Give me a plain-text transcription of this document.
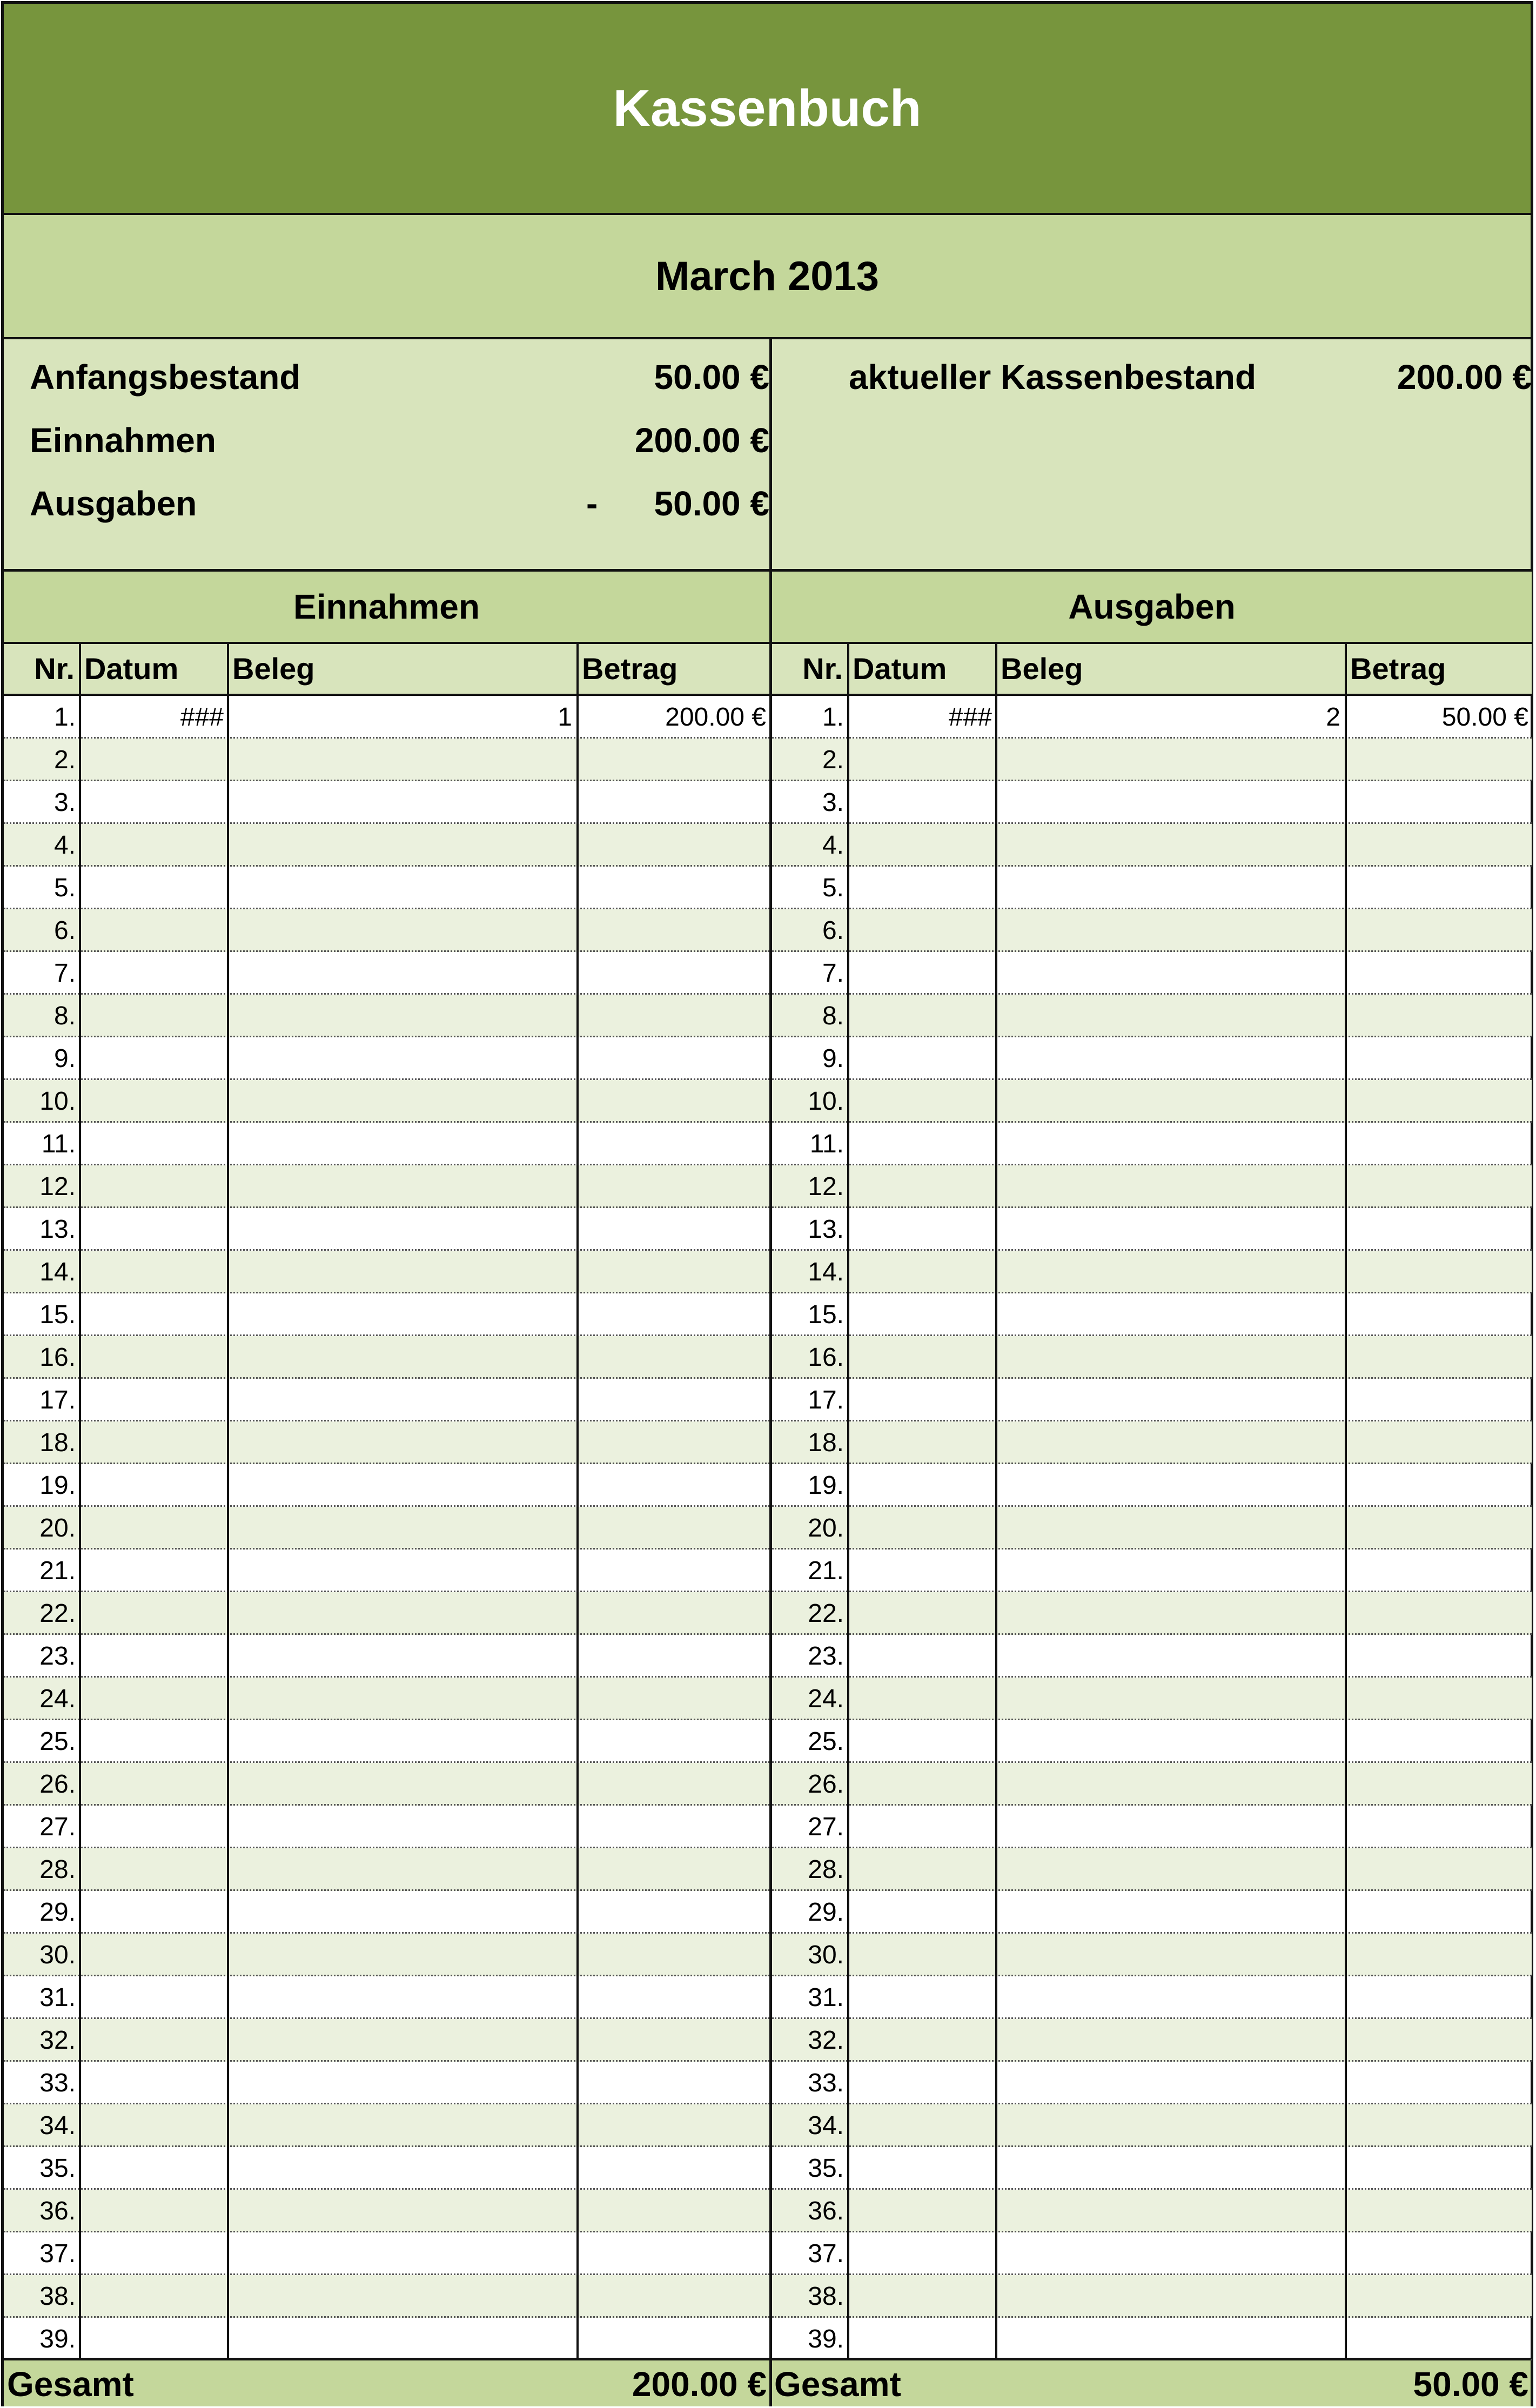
Kassenbuch
March 2013
Anfangsbestand	50.00 €
Einnahmen	200.00 €
Ausgaben	- 50.00 €
aktueller Kassenbestand	200.00 €
Einnahmen	Ausgaben
Nr. Datum	Beleg	Betrag	Nr. Datum	Beleg	Betrag
1.	###	1	200.00 €
2.
3.
4.
5.
6.
7.
8.
9.
10.
11.
12.
13.
14.
15.
16.
17.
18.
19.
20.
21.
22.
23.
24.
25.
26.
27.
28.
29.
30.
31.
32.
33.
34.
35.
36.
37.
38.
39.
1.	###	2	50.00 €
2.
3.
4.
5.
6.
7.
8.
9.
10.
11.
12.
13.
14.
15.
16.
17.
18.
19.
20.
21.
22.
23.
24.
25.
26.
27.
28.
29.
30.
31.
32.
33.
34.
35.
36.
37.
38.
39.
Gesamt	200.00 € Gesamt	50.00 €
